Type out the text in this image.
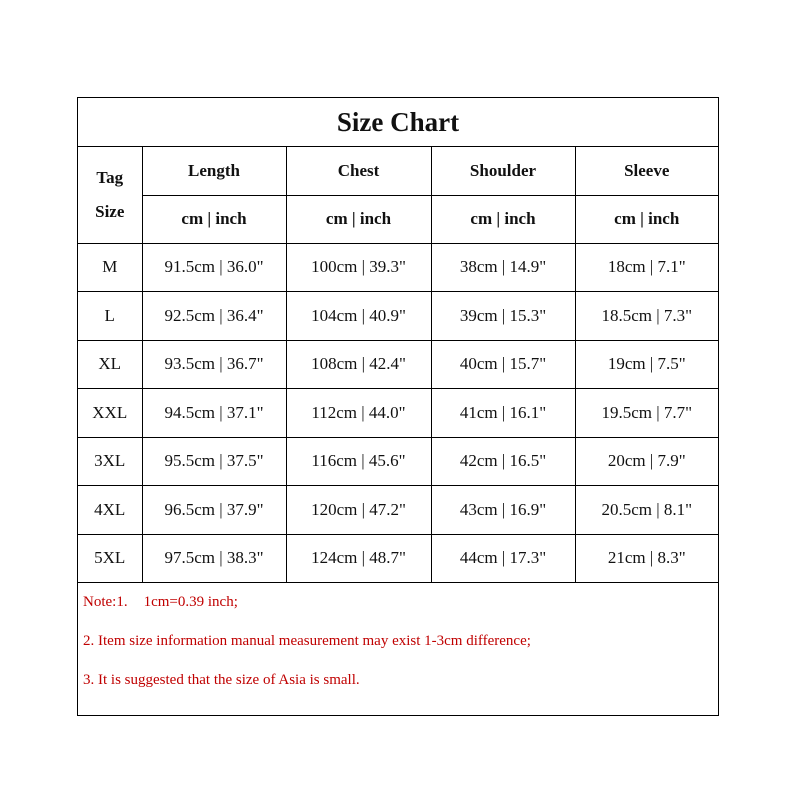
Size Chart
Tag
Size	Length	Chest	Shoulder	Sleeve
	cm | inch	cm | inch	cm | inch	cm | inch
M	91.5cm | 36.0"	100cm | 39.3"	38cm | 14.9"	18cm | 7.1"
L	92.5cm | 36.4"	104cm | 40.9"	39cm | 15.3"	18.5cm | 7.3"
XL	93.5cm | 36.7"	108cm | 42.4"	40cm | 15.7"	19cm | 7.5"
XXL	94.5cm | 37.1"	112cm | 44.0"	41cm | 16.1"	19.5cm | 7.7"
3XL	95.5cm | 37.5"	116cm | 45.6"	42cm | 16.5"	20cm | 7.9"
4XL	96.5cm | 37.9"	120cm | 47.2"	43cm | 16.9"	20.5cm | 8.1"
5XL	97.5cm | 38.3"	124cm | 48.7"	44cm | 17.3"	21cm | 8.3"
Note:1. 1cm=0.39 inch;
2. Item size information manual measurement may exist 1-3cm difference;
3. It is suggested that the size of Asia is small.
